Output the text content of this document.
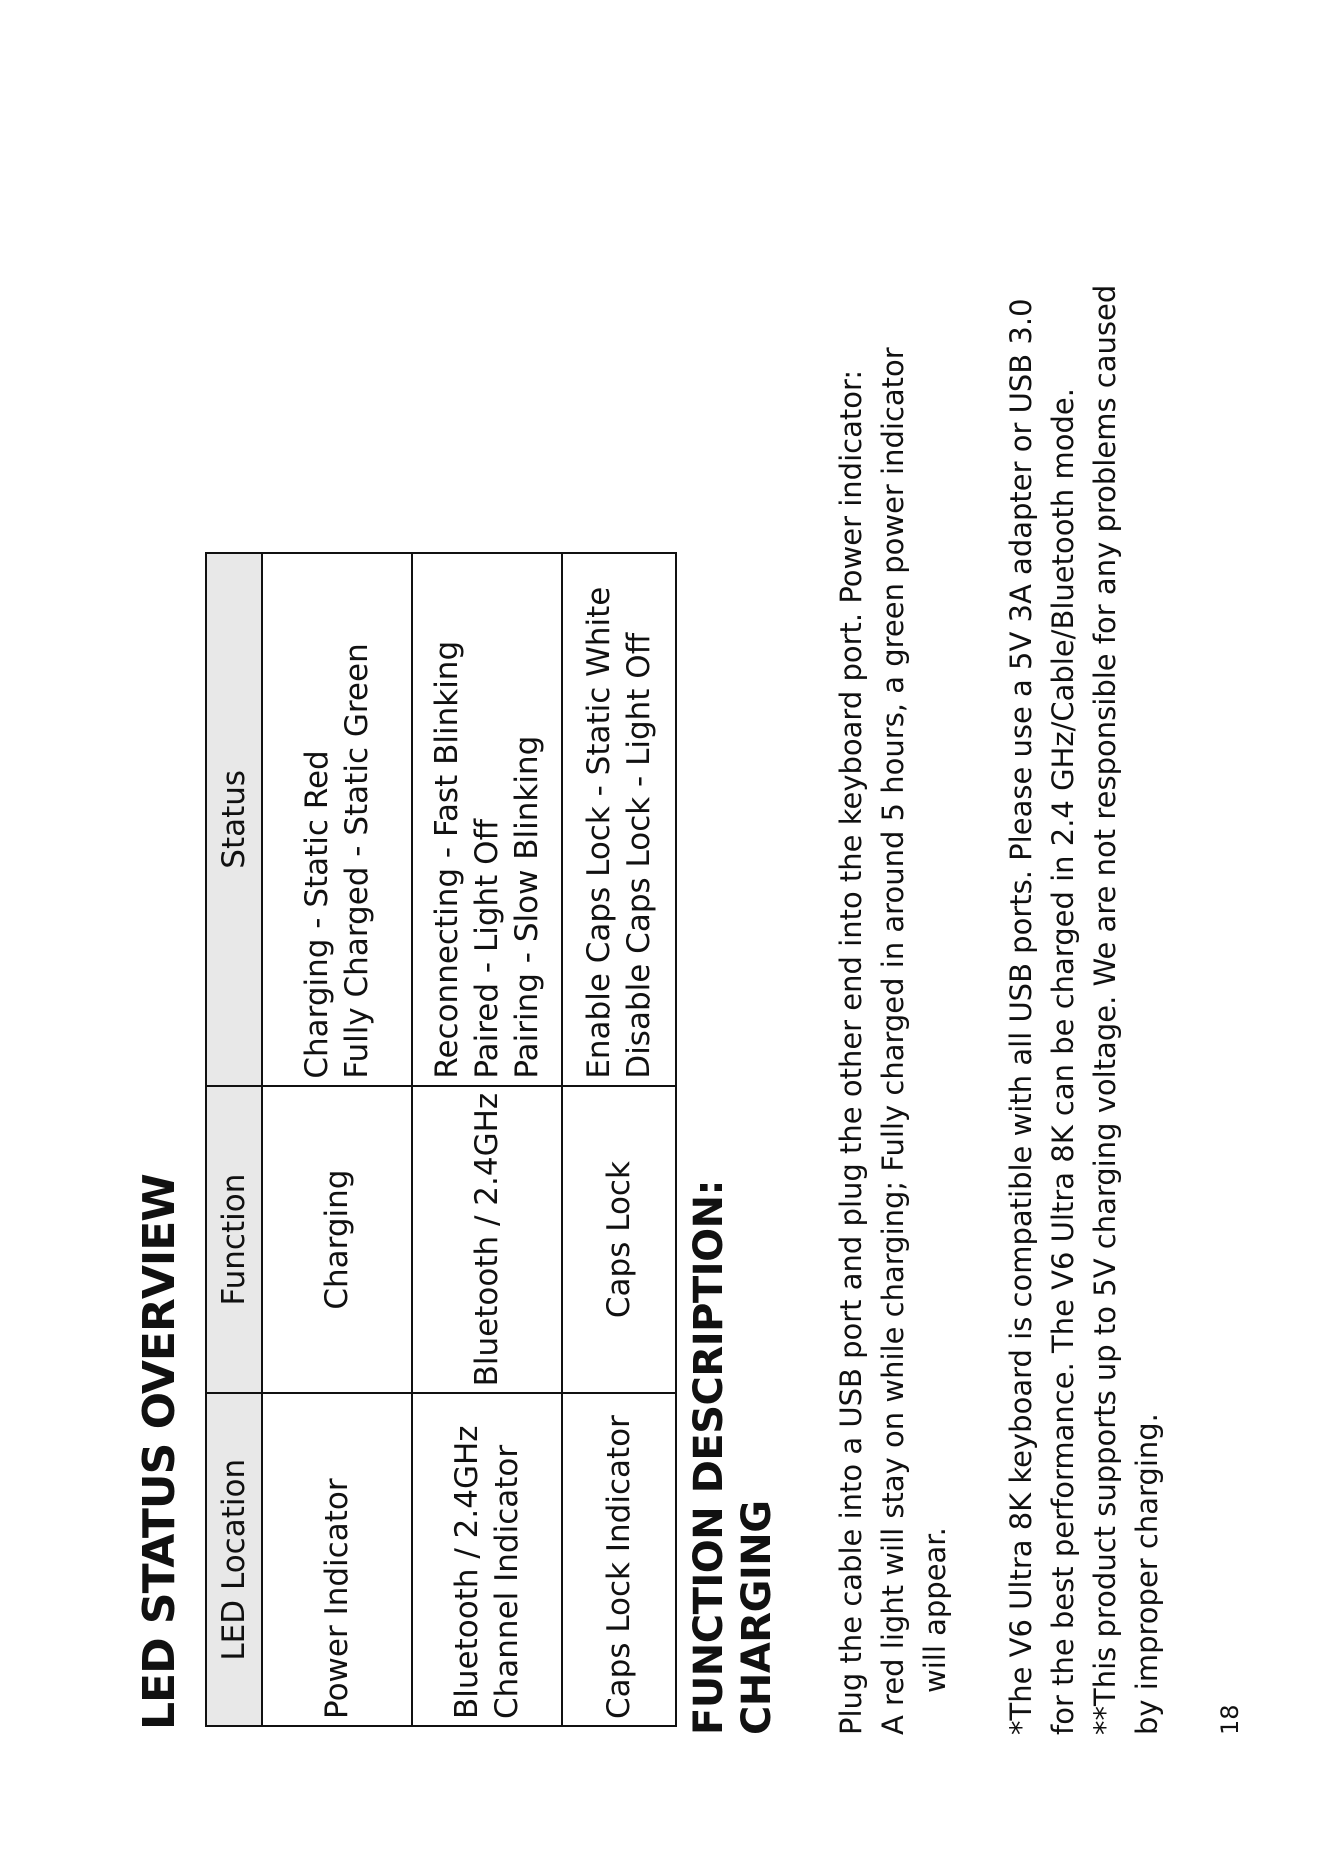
LED STATUS OVERVIEW LED Location	Function	Status

Power Indicator	Charging	Charging - Static Red Fully Charged - Static Green

Bluetooth / 2.4GHz Channel Indicator	Bluetooth / 2.4GHz	Reconnecting - Fast Blinking Paired - Light Off Pairing - Slow Blinking

Caps Lock Indicator	Caps Lock	Enable Caps Lock - Static White Disable Caps Lock - Light Off
FUNCTION DESCRIPTION: CHARGING Plug the cable into a USB port and plug the other end into the keyboard port. Power indicator: A red light will stay on while charging; Fully charged in around 5 hours, a green power indicator will appear. *The V6 Ultra 8K keyboard is compatible with all USB ports. Please use a 5V 3A adapter or USB 3.0 for the best performance. The V6 Ultra 8K can be charged in 2.4 GHz/Cable/Bluetooth mode. **This product supports up to 5V charging voltage. We are not responsible for any problems caused by improper charging. 18
